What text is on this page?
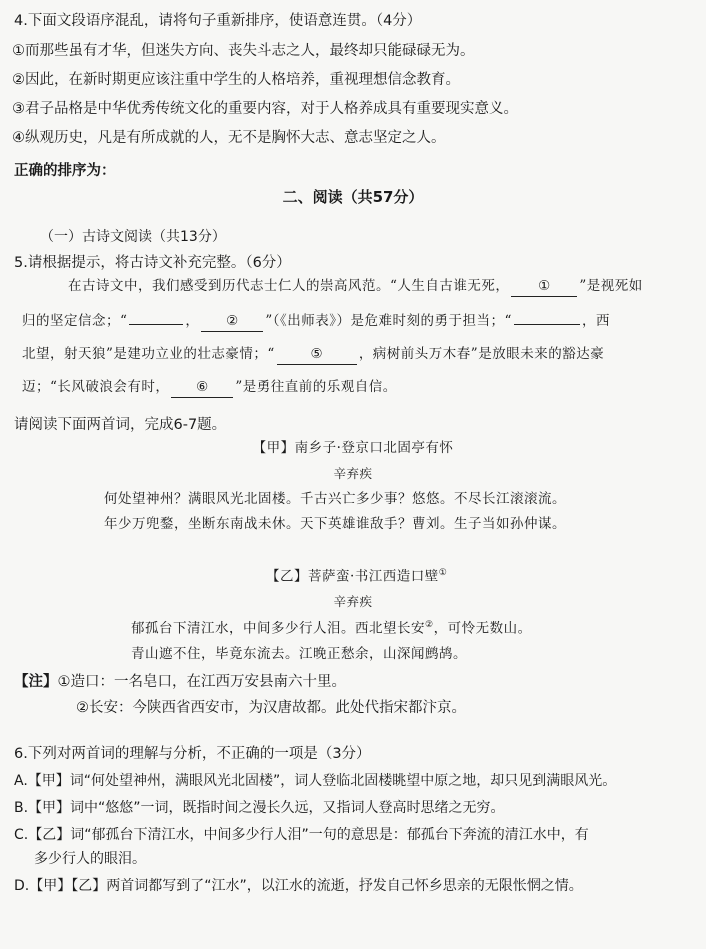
4.下面文段语序混乱，请将句子重新排序，使语意连贯。（4分）
①而那些虽有才华，但迷失方向、丧失斗志之人，最终却只能碌碌无为。
②因此，在新时期更应该注重中学生的人格培养，重视理想信念教育。
③君子品格是中华优秀传统文化的重要内容，对于人格养成具有重要现实意义。
④纵观历史，凡是有所成就的人，无不是胸怀大志、意志坚定之人。
正确的排序为：
二、阅读（共57分）
（一）古诗文阅读（共13分）
5.请根据提示，将古诗文补充完整。（6分）
在古诗文中，我们感受到历代志士仁人的崇高风范。“人生自古谁无死， ① ”是视死如
归的坚定信念；“	， ② ”（《出师表》）是危难时刻的勇于担当；“	，西
北望，射天狼”是建功立业的壮志豪情；“	⑤	，病树前头万木春”是放眼未来的豁达豪
迈；“长风破浪会有时， ⑥ ”是勇往直前的乐观自信。
请阅读下面两首词，完成6-7题。
【甲】南乡子·登京口北固亭有怀
辛弃疾
何处望神州？满眼风光北固楼。千古兴亡多少事？悠悠。不尽长江滚滚流。
年少万兜鍪，坐断东南战未休。天下英雄谁敌手？曹刘。生子当如孙仲谋。
【乙】菩萨蛮·书江西造口壁①
辛弃疾
郁孤台下清江水，中间多少行人泪。西北望长安②，可怜无数山。
青山遮不住，毕竟东流去。江晚正愁余，山深闻鹧鸪。
【注】①造口：一名皂口，在江西万安县南六十里。
②长安：今陕西省西安市，为汉唐故都。此处代指宋都汴京。
6.下列对两首词的理解与分析，不正确的一项是（3分）
A.【甲】词“何处望神州，满眼风光北固楼”，词人登临北固楼眺望中原之地，却只见到满眼风光。
B.【甲】词中“悠悠”一词，既指时间之漫长久远，又指词人登高时思绪之无穷。
C.【乙】词“郁孤台下清江水，中间多少行人泪”一句的意思是：郁孤台下奔流的清江水中，有
多少行人的眼泪。
D.【甲】【乙】两首词都写到了“江水”，以江水的流逝，抒发自己怀乡思亲的无限怅惘之情。
